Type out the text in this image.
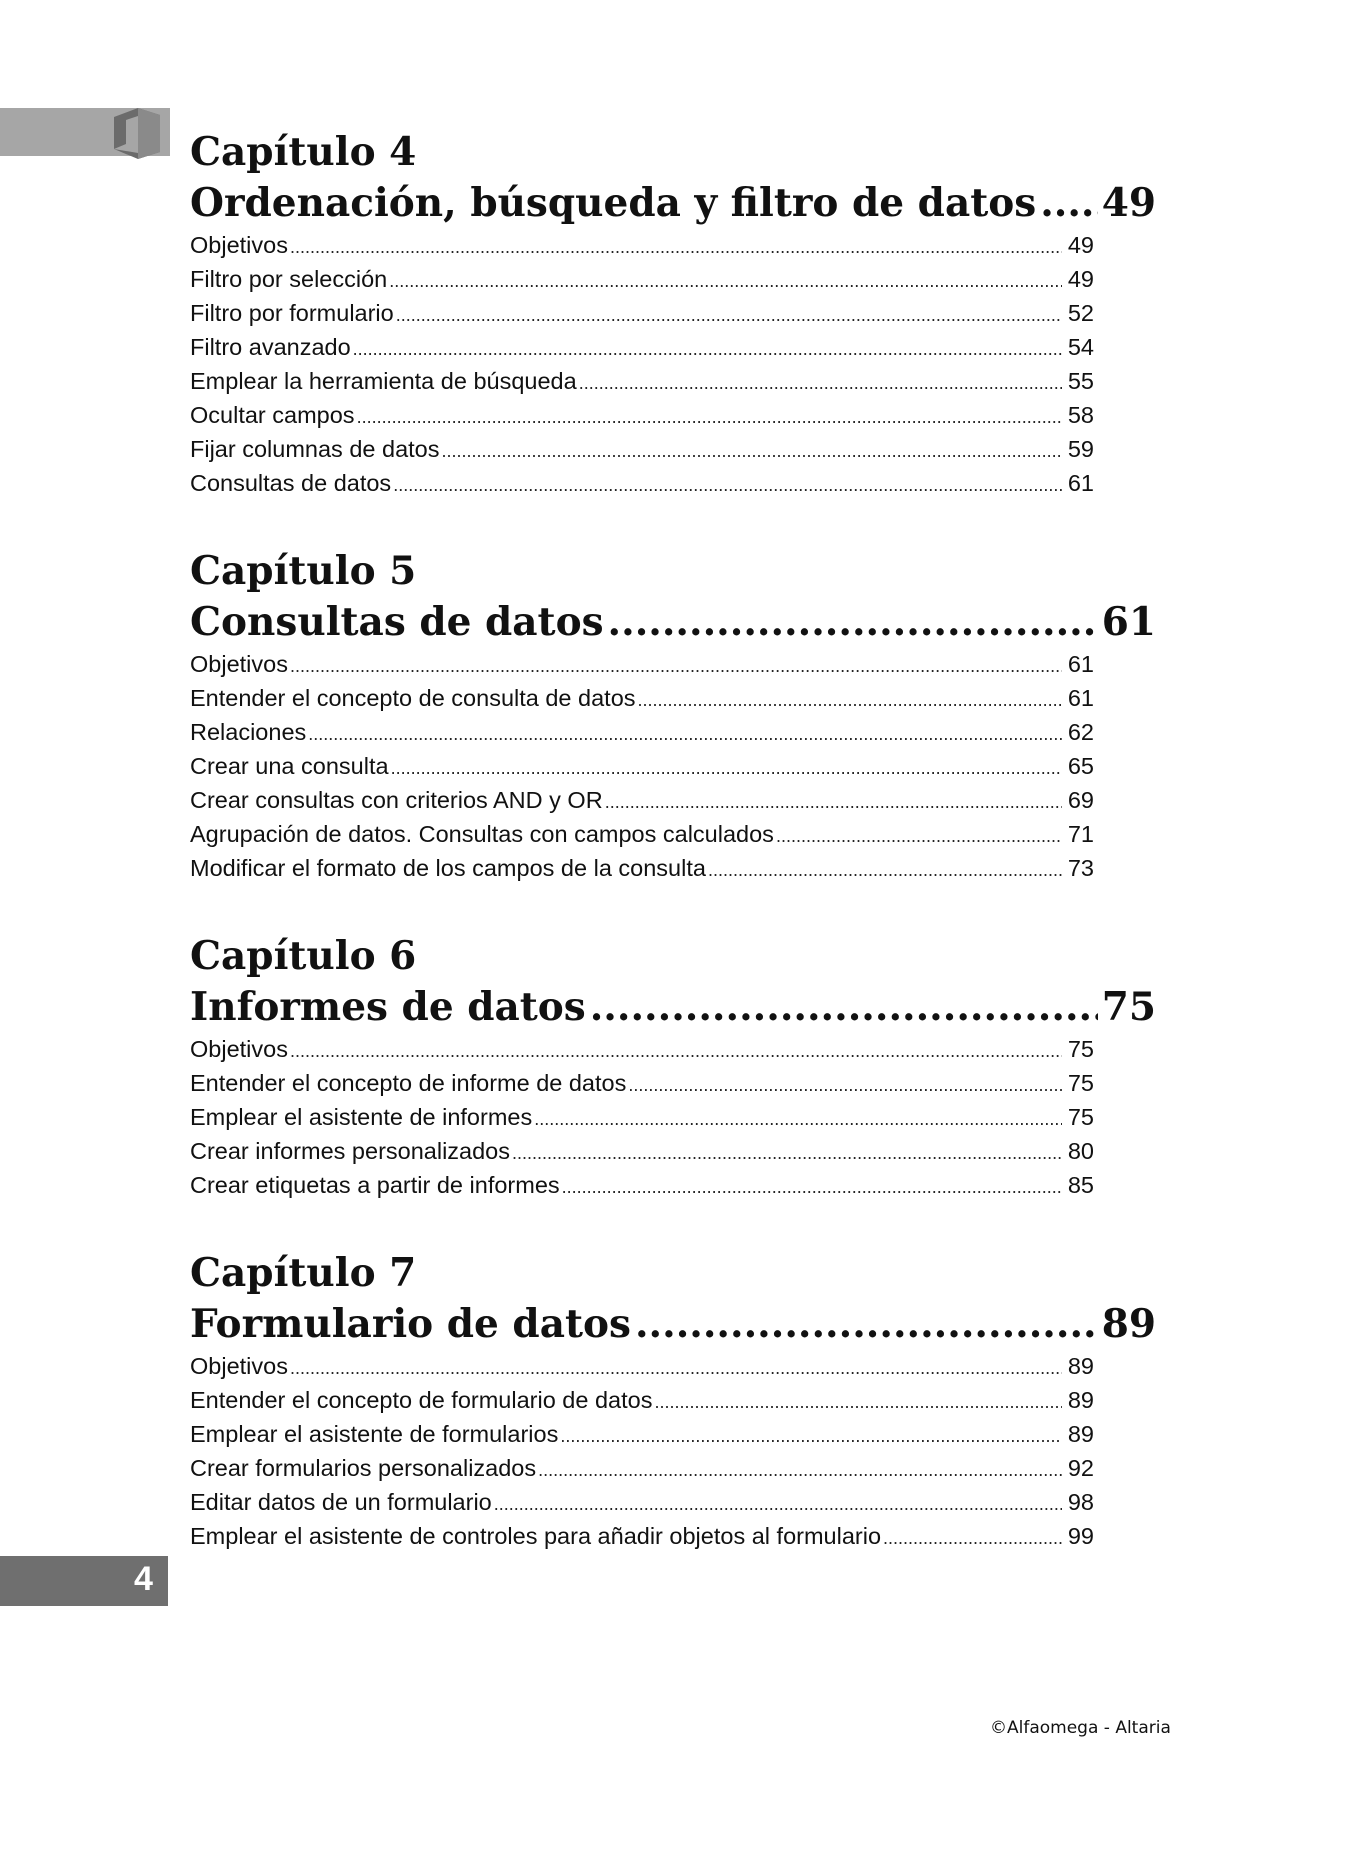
Capítulo 4
Ordenación, búsqueda y filtro de datos ..... 49
Objetivos .....	49
Filtro por selección .....	49
Filtro por formulario .....	52
Filtro avanzado .....	54
Emplear la herramienta de búsqueda .....	55
Ocultar campos .....	58
Fijar columnas de datos .....	59
Consultas de datos .....	61
Capítulo 5
Consultas de datos .....	61
Objetivos .....	61
Entender el concepto de consulta de datos .....	61
Relaciones .....	62
Crear una consulta .....	65
Crear consultas con criterios AND y OR .....	69
Agrupación de datos. Consultas con campos calculados .....	71
Modificar el formato de los campos de la consulta .....	73
Capítulo 6
Informes de datos .....	75
Objetivos .....	75
Entender el concepto de informe de datos .....	75
Emplear el asistente de informes .....	75
Crear informes personalizados .....	80
Crear etiquetas a partir de informes .....	85
Capítulo 7
Formulario de datos .....	89
Objetivos .....	89
Entender el concepto de formulario de datos .....	89
Emplear el asistente de formularios .....	89
Crear formularios personalizados .....	92
Editar datos de un formulario .....	98
Emplear el asistente de controles para añadir objetos al formulario .....	99
4
©Alfaomega - Altaria
